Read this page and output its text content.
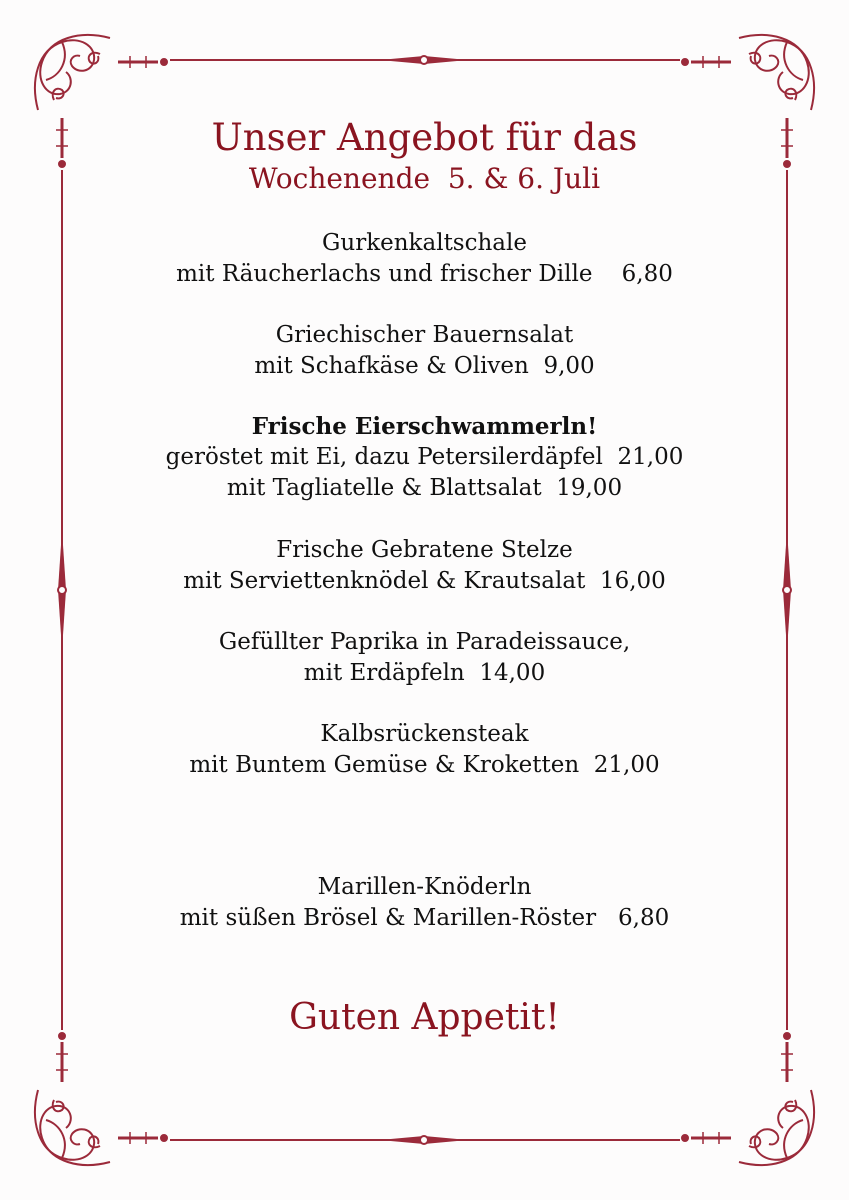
Unser Angebot für das
Wochenende  5. & 6. Juli
Gurkenkaltschale
mit Räucherlachs und frischer Dille    6,80
Griechischer Bauernsalat
mit Schafkäse & Oliven  9,00
Frische Eierschwammerln!
geröstet mit Ei, dazu Petersilerdäpfel  21,00
mit Tagliatelle & Blattsalat  19,00
Frische Gebratene Stelze
mit Serviettenknödel & Krautsalat  16,00
Gefüllter Paprika in Paradeissauce,
mit Erdäpfeln  14,00
Kalbsrückensteak
mit Buntem Gemüse & Kroketten  21,00
Marillen-Knöderln
mit süßen Brösel & Marillen-Röster   6,80
Guten Appetit!
